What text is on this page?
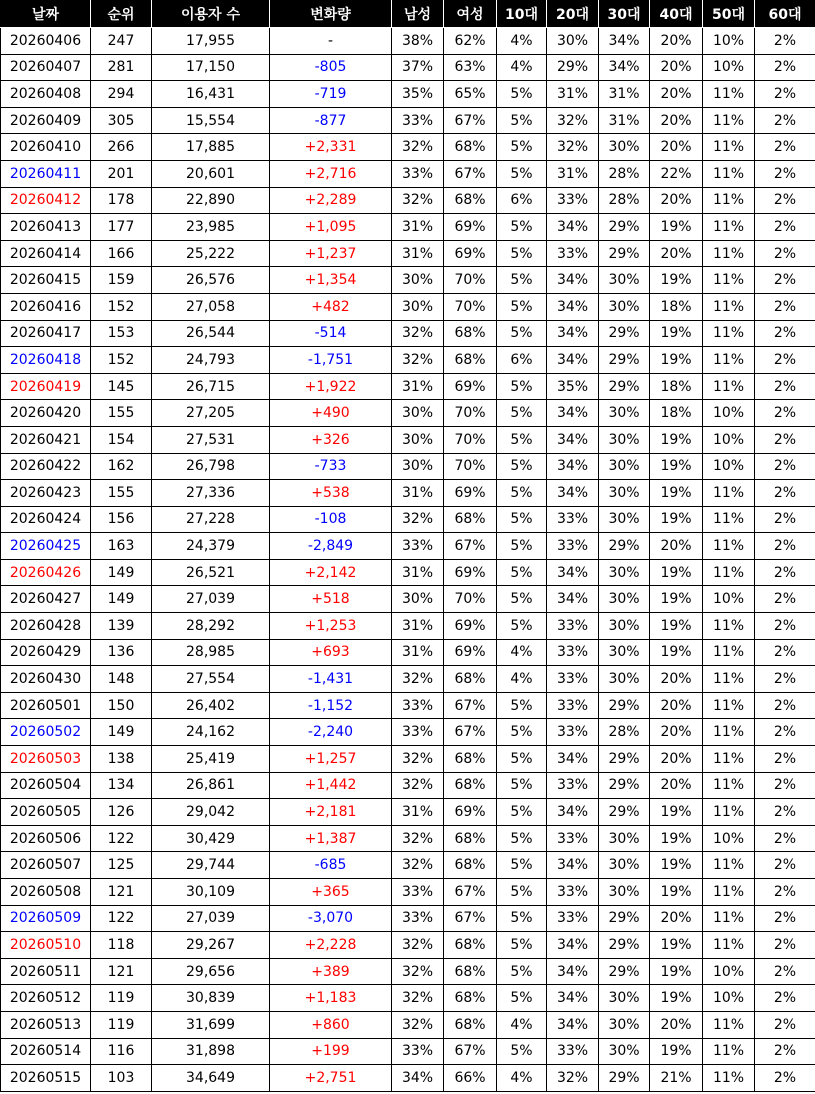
날짜	순위	이용자 수	변화량	남성	여성	10대	20대	30대	40대	50대	60대
20260406	247	17,955	-	38%	62%	4%	30%	34%	20%	10%	2%
20260407	281	17,150	-805	37%	63%	4%	29%	34%	20%	10%	2%
20260408	294	16,431	-719	35%	65%	5%	31%	31%	20%	11%	2%
20260409	305	15,554	-877	33%	67%	5%	32%	31%	20%	11%	2%
20260410	266	17,885	+2,331	32%	68%	5%	32%	30%	20%	11%	2%
20260411	201	20,601	+2,716	33%	67%	5%	31%	28%	22%	11%	2%
20260412	178	22,890	+2,289	32%	68%	6%	33%	28%	20%	11%	2%
20260413	177	23,985	+1,095	31%	69%	5%	34%	29%	19%	11%	2%
20260414	166	25,222	+1,237	31%	69%	5%	33%	29%	20%	11%	2%
20260415	159	26,576	+1,354	30%	70%	5%	34%	30%	19%	11%	2%
20260416	152	27,058	+482	30%	70%	5%	34%	30%	18%	11%	2%
20260417	153	26,544	-514	32%	68%	5%	34%	29%	19%	11%	2%
20260418	152	24,793	-1,751	32%	68%	6%	34%	29%	19%	11%	2%
20260419	145	26,715	+1,922	31%	69%	5%	35%	29%	18%	11%	2%
20260420	155	27,205	+490	30%	70%	5%	34%	30%	18%	10%	2%
20260421	154	27,531	+326	30%	70%	5%	34%	30%	19%	10%	2%
20260422	162	26,798	-733	30%	70%	5%	34%	30%	19%	10%	2%
20260423	155	27,336	+538	31%	69%	5%	34%	30%	19%	11%	2%
20260424	156	27,228	-108	32%	68%	5%	33%	30%	19%	11%	2%
20260425	163	24,379	-2,849	33%	67%	5%	33%	29%	20%	11%	2%
20260426	149	26,521	+2,142	31%	69%	5%	34%	30%	19%	11%	2%
20260427	149	27,039	+518	30%	70%	5%	34%	30%	19%	10%	2%
20260428	139	28,292	+1,253	31%	69%	5%	33%	30%	19%	11%	2%
20260429	136	28,985	+693	31%	69%	4%	33%	30%	19%	11%	2%
20260430	148	27,554	-1,431	32%	68%	4%	33%	30%	20%	11%	2%
20260501	150	26,402	-1,152	33%	67%	5%	33%	29%	20%	11%	2%
20260502	149	24,162	-2,240	33%	67%	5%	33%	28%	20%	11%	2%
20260503	138	25,419	+1,257	32%	68%	5%	34%	29%	20%	11%	2%
20260504	134	26,861	+1,442	32%	68%	5%	33%	29%	20%	11%	2%
20260505	126	29,042	+2,181	31%	69%	5%	34%	29%	19%	11%	2%
20260506	122	30,429	+1,387	32%	68%	5%	33%	30%	19%	10%	2%
20260507	125	29,744	-685	32%	68%	5%	34%	30%	19%	11%	2%
20260508	121	30,109	+365	33%	67%	5%	33%	30%	19%	11%	2%
20260509	122	27,039	-3,070	33%	67%	5%	33%	29%	20%	11%	2%
20260510	118	29,267	+2,228	32%	68%	5%	34%	29%	19%	11%	2%
20260511	121	29,656	+389	32%	68%	5%	34%	29%	19%	10%	2%
20260512	119	30,839	+1,183	32%	68%	5%	34%	30%	19%	10%	2%
20260513	119	31,699	+860	32%	68%	4%	34%	30%	20%	11%	2%
20260514	116	31,898	+199	33%	67%	5%	33%	30%	19%	11%	2%
20260515	103	34,649	+2,751	34%	66%	4%	32%	29%	21%	11%	2%
